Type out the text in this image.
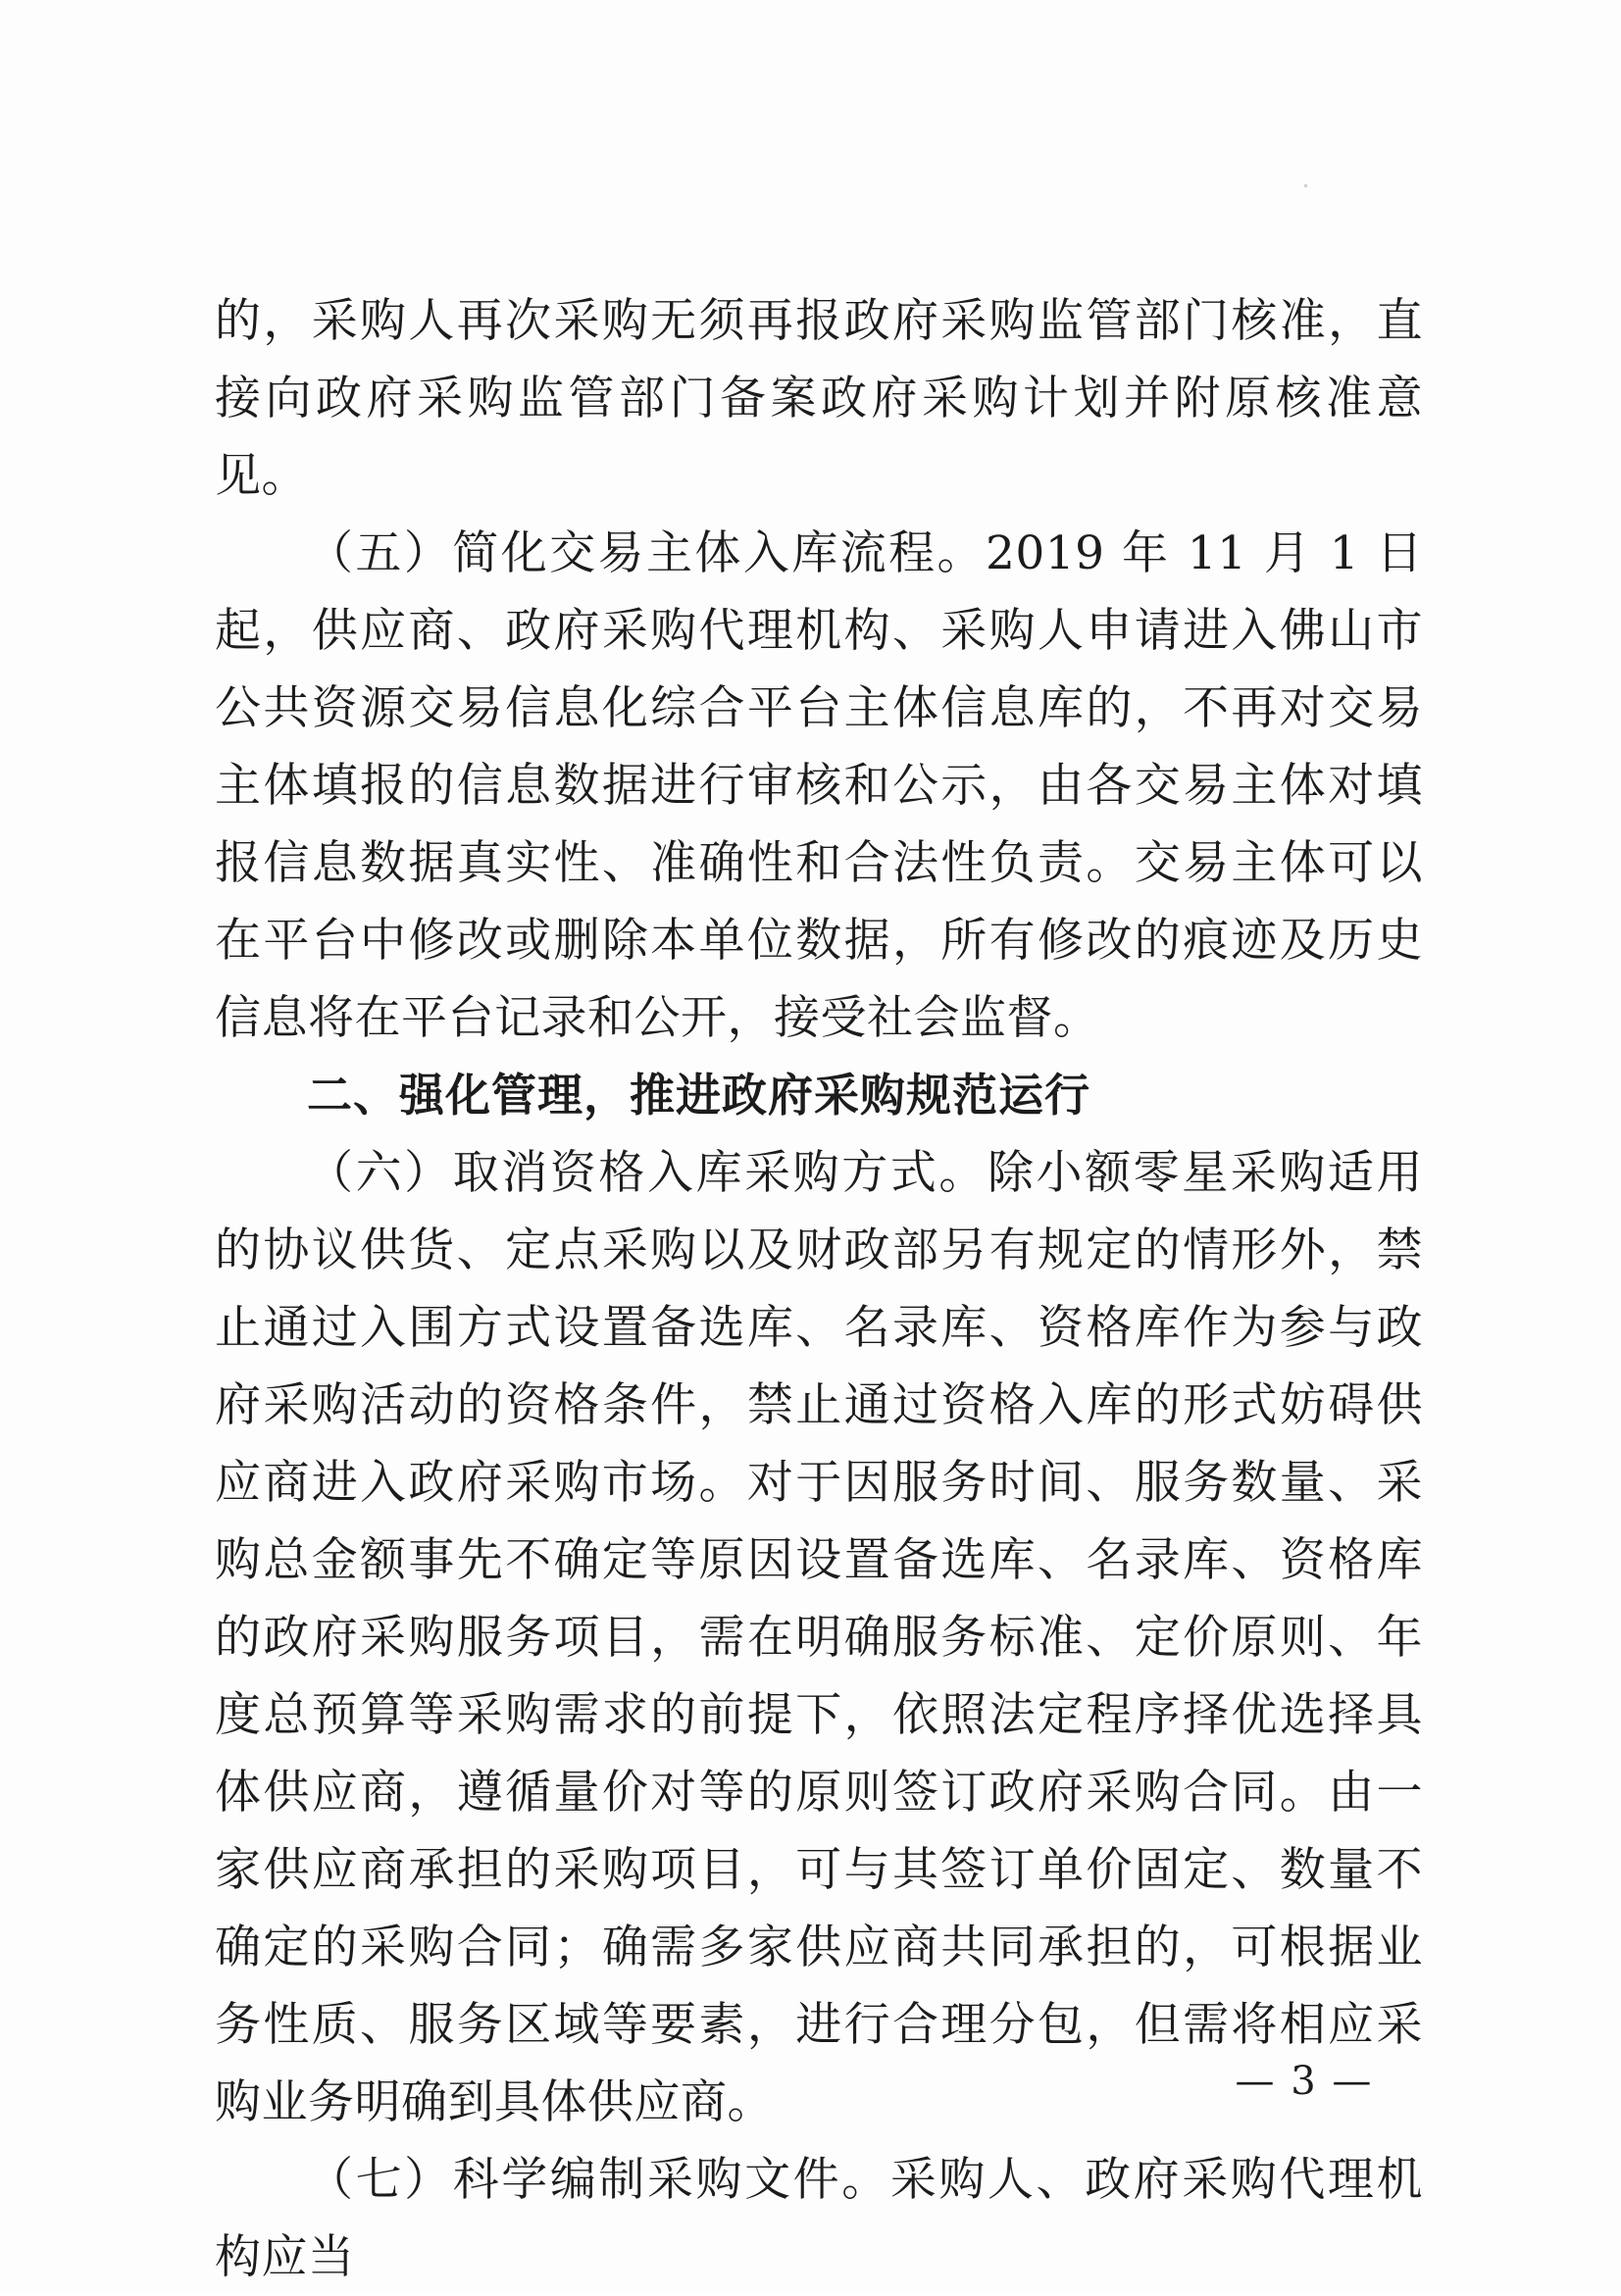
的，采购人再次采购无须再报政府采购监管部门核准，直接向政府采购监管部门备案政府采购计划并附原核准意见。

（五）简化交易主体入库流程。2019 年 11 月 1 日起，供应商、政府采购代理机构、采购人申请进入佛山市公共资源交易信息化综合平台主体信息库的，不再对交易主体填报的信息数据进行审核和公示，由各交易主体对填报信息数据真实性、准确性和合法性负责。交易主体可以在平台中修改或删除本单位数据，所有修改的痕迹及历史信息将在平台记录和公开，接受社会监督。

二、强化管理，推进政府采购规范运行

（六）取消资格入库采购方式。除小额零星采购适用的协议供货、定点采购以及财政部另有规定的情形外，禁止通过入围方式设置备选库、名录库、资格库作为参与政府采购活动的资格条件，禁止通过资格入库的形式妨碍供应商进入政府采购市场。对于因服务时间、服务数量、采购总金额事先不确定等原因设置备选库、名录库、资格库的政府采购服务项目，需在明确服务标准、定价原则、年度总预算等采购需求的前提下，依照法定程序择优选择具体供应商，遵循量价对等的原则签订政府采购合同。由一家供应商承担的采购项目，可与其签订单价固定、数量不确定的采购合同；确需多家供应商共同承担的，可根据业务性质、服务区域等要素，进行合理分包，但需将相应采购业务明确到具体供应商。

（七）科学编制采购文件。采购人、政府采购代理机构应当

— 3 —
